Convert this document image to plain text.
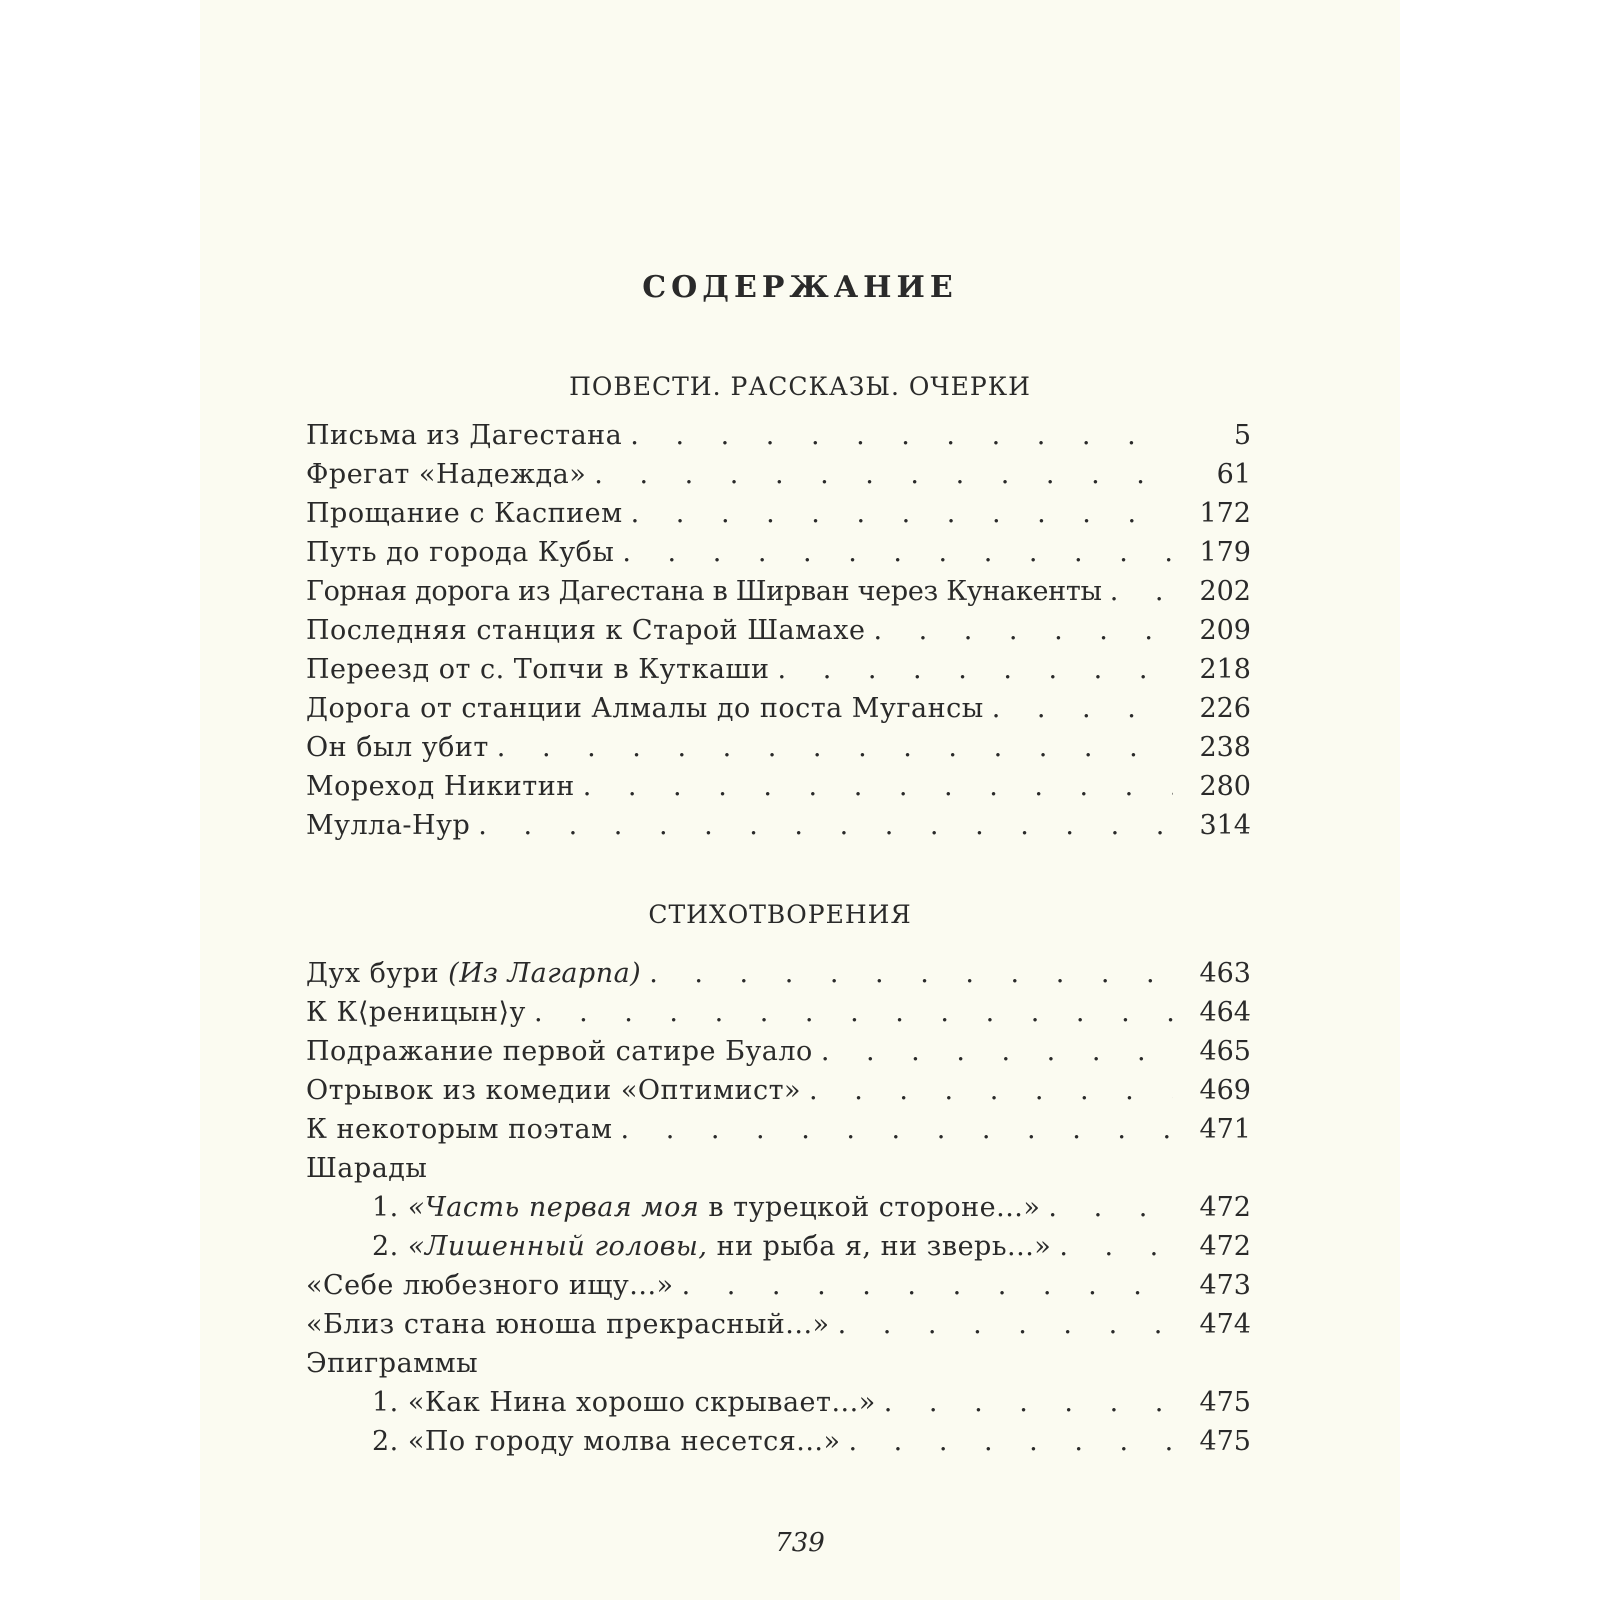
СОДЕРЖАНИЕ
ПОВЕСТИ. РАССКАЗЫ. ОЧЕРКИ
Письма из Дагестана . . .	5
Фрегат «Надежда» . . .	61
Прощание с Каспием . . .	172
Путь до города Кубы . . .	179
Горная дорога из Дагестана в Ширван через Кунакенты . . .	202
Последняя станция к Старой Шамахе . . .	209
Переезд от с. Топчи в Куткаши . . .	218
Дорога от станции Алмалы до поста Мугансы . . .	226
Он был убит . . .	238
Мореход Никитин . . .	280
Мулла-Нур . . .	314
СТИХОТВОРЕНИЯ
Дух бури (Из Лагарпа) . . .	463
К К⟨реницын⟩у . . .	464
Подражание первой сатире Буало . . .	465
Отрывок из комедии «Оптимист» . . .	469
К некоторым поэтам . . .	471
Шарады
1. «Часть первая моя в турецкой стороне...» . . .	472
2. «Лишенный головы, ни рыба я, ни зверь...» . . .	472
«Себе любезного ищу...» . . .	473
«Близ стана юноша прекрасный...» . . .	474
Эпиграммы
1. «Как Нина хорошо скрывает...» . . .	475
2. «По городу молва несется...» . . .	475
739
